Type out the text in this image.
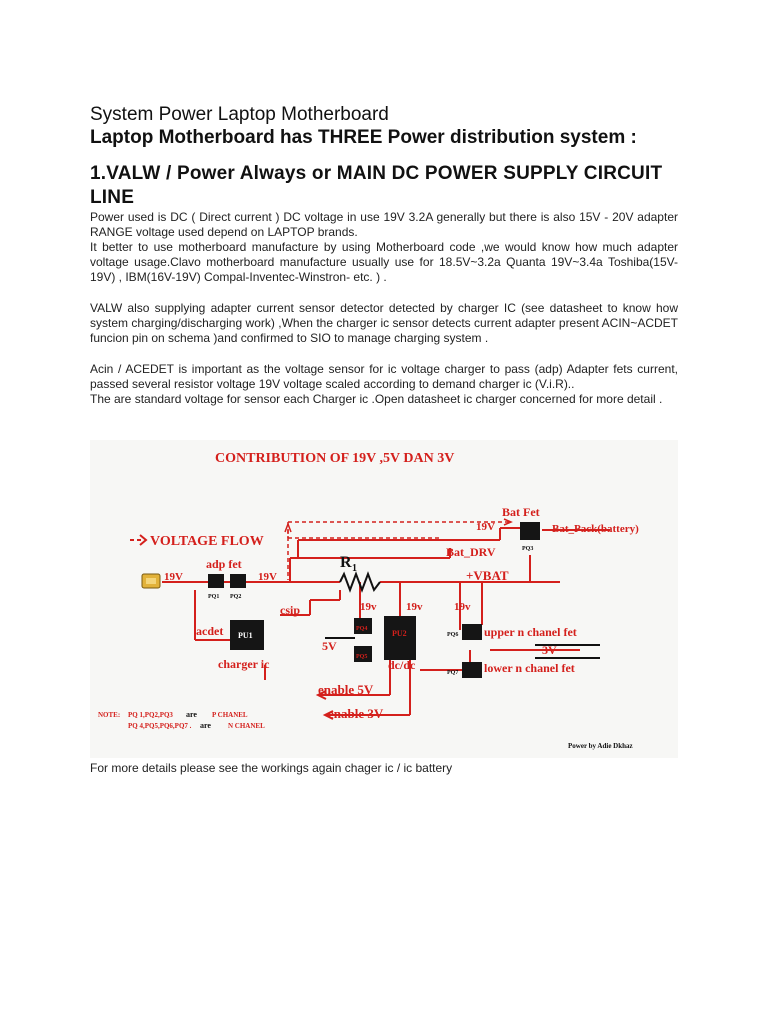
System Power Laptop Motherboard
Laptop Motherboard has THREE Power distribution system :
1.VALW / Power Always or MAIN DC POWER SUPPLY CIRCUIT LINE

Power used is DC ( Direct current ) DC voltage in use 19V 3.2A generally but there is also 15V - 20V adapter RANGE voltage used depend on LAPTOP brands.

It better to use motherboard manufacture by using Motherboard code ,we would know how much adapter voltage usage.Clavo motherboard manufacture usually use for 18.5V~3.2a Quanta 19V~3.4a Toshiba(15V-19V) , IBM(16V-19V) Compal-Inventec-Winstron- etc. ) .

VALW also supplying adapter current sensor detector detected by charger IC (see datasheet to know how system charging/discharging work) ,When the charger ic sensor detects current adapter present ACIN~ACDET funcion pin on schema )and confirmed to SIO to manage charging system .

Acin / ACEDET is important as the voltage sensor for ic voltage charger to pass (adp) Adapter fets current, passed several resistor voltage 19V voltage scaled according to demand charger ic (V.i.R)..

The are standard voltage for sensor each Charger ic .Open datasheet ic charger concerned for more detail .

CONTRIBUTION OF 19V ,5V DAN 3V
VOLTAGE FLOW
R 1
19V
adp fet
PQ1 PQ2
19V
Bat Fet
PQ3
19V	Bat_Pack(battery)
Bat_DRV
+VBAT
acdet
csip
PU1
charger ic
19v	19v	19v
PQ4
PQ5
5V
PU2
dc/dc
PQ6 upper n chanel fet
3V
PQ7 lower n chanel fet
enable 5V
enable 3V
NOTE: PQ 1,PQ2,PQ3 are P CHANEL
PQ 4,PQ5,PQ6,PQ7 . are N CHANEL
Power by Adie Dkhaz
For more details please see the workings again chager ic / ic battery
